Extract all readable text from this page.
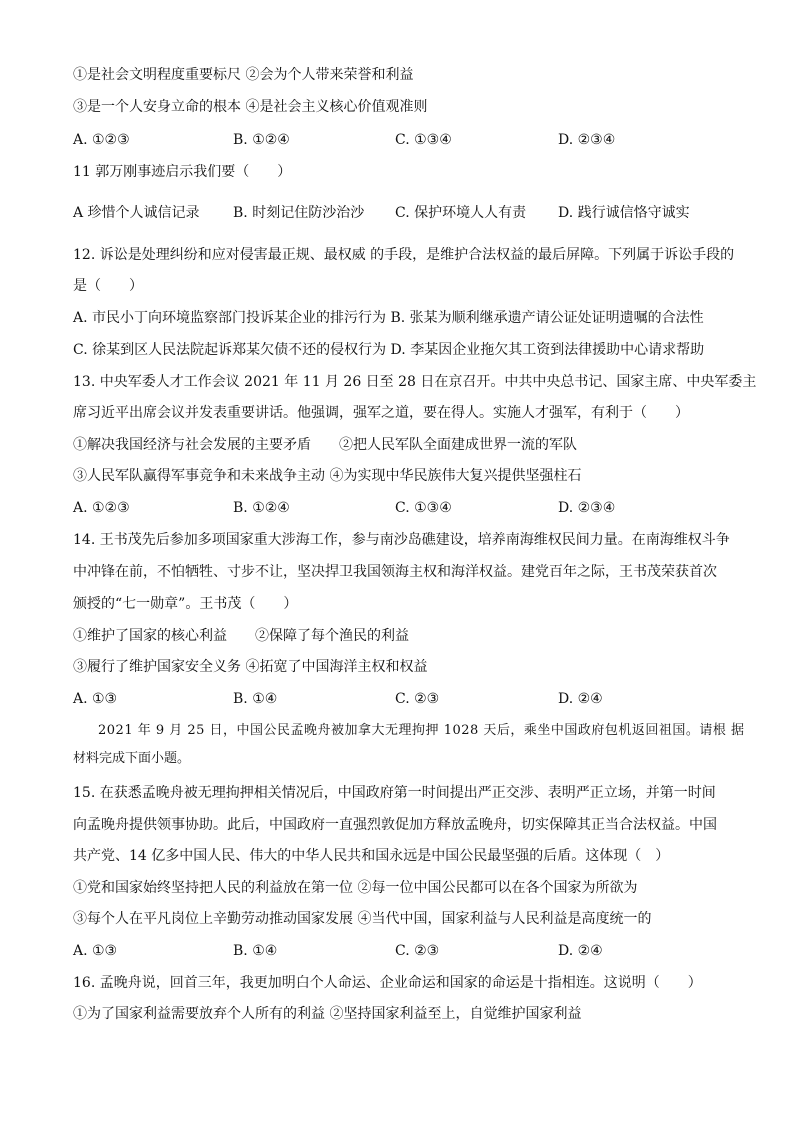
①是社会文明程度重要标尺 ②会为个人带来荣誉和利益
③是一个人安身立命的根本 ④是社会主义核心价值观准则
A. ①②③	B. ①②④	C. ①③④	D. ②③④
11 郭万刚事迹启示我们要（　　）
A 珍惜个人诚信记录 B. 时刻记住防沙治沙 C. 保护环境人人有责 D. 践行诚信恪守诚实
12. 诉讼是处理纠纷和应对侵害最正规、最权威 的手段，是维护合法权益的最后屏障。下列属于诉讼手段的
是（　　）
A. 市民小丁向环境监察部门投诉某企业的排污行为 B. 张某为顺利继承遗产请公证处证明遗嘱的合法性
C. 徐某到区人民法院起诉郑某欠债不还的侵权行为 D. 李某因企业拖欠其工资到法律援助中心请求帮助
13. 中央军委人才工作会议 2021 年 11 月 26 日至 28 日在京召开。中共中央总书记、国家主席、中央军委主
席习近平出席会议并发表重要讲话。他强调，强军之道，要在得人。实施人才强军，有利于（　　）
①解决我国经济与社会发展的主要矛盾　　②把人民军队全面建成世界一流的军队
③人民军队赢得军事竞争和未来战争主动 ④为实现中华民族伟大复兴提供坚强柱石
A. ①②③	B. ①②④	C. ①③④	D. ②③④
14. 王书茂先后参加多项国家重大涉海工作，参与南沙岛礁建设，培养南海维权民间力量。在南海维权斗争
中冲锋在前，不怕牺牲、寸步不让，坚决捍卫我国领海主权和海洋权益。建党百年之际，王书茂荣获首次
颁授的“七一勋章”。王书茂（　　）
①维护了国家的核心利益　　②保障了每个渔民的利益
③履行了维护国家安全义务 ④拓宽了中国海洋主权和权益
A. ①③	B. ①④	C. ②③	D. ②④
2021 年 9 月 25 日，中国公民孟晚舟被加拿大无理拘押 1028 天后，乘坐中国政府包机返回祖国。请根 据
材料完成下面小题。
15. 在获悉孟晚舟被无理拘押相关情况后，中国政府第一时间提出严正交涉、表明严正立场，并第一时间
向孟晚舟提供领事协助。此后，中国政府一直强烈敦促加方释放孟晚舟，切实保障其正当合法权益。中国
共产党、14 亿多中国人民、伟大的中华人民共和国永远是中国公民最坚强的后盾。这体现（　）
①党和国家始终坚持把人民的利益放在第一位 ②每一位中国公民都可以在各个国家为所欲为
③每个人在平凡岗位上辛勤劳动推动国家发展 ④当代中国，国家利益与人民利益是高度统一的
A. ①③	B. ①④	C. ②③	D. ②④
16. 孟晚舟说，回首三年，我更加明白个人命运、企业命运和国家的命运是十指相连。这说明（　　）
①为了国家利益需要放弃个人所有的利益 ②坚持国家利益至上，自觉维护国家利益
